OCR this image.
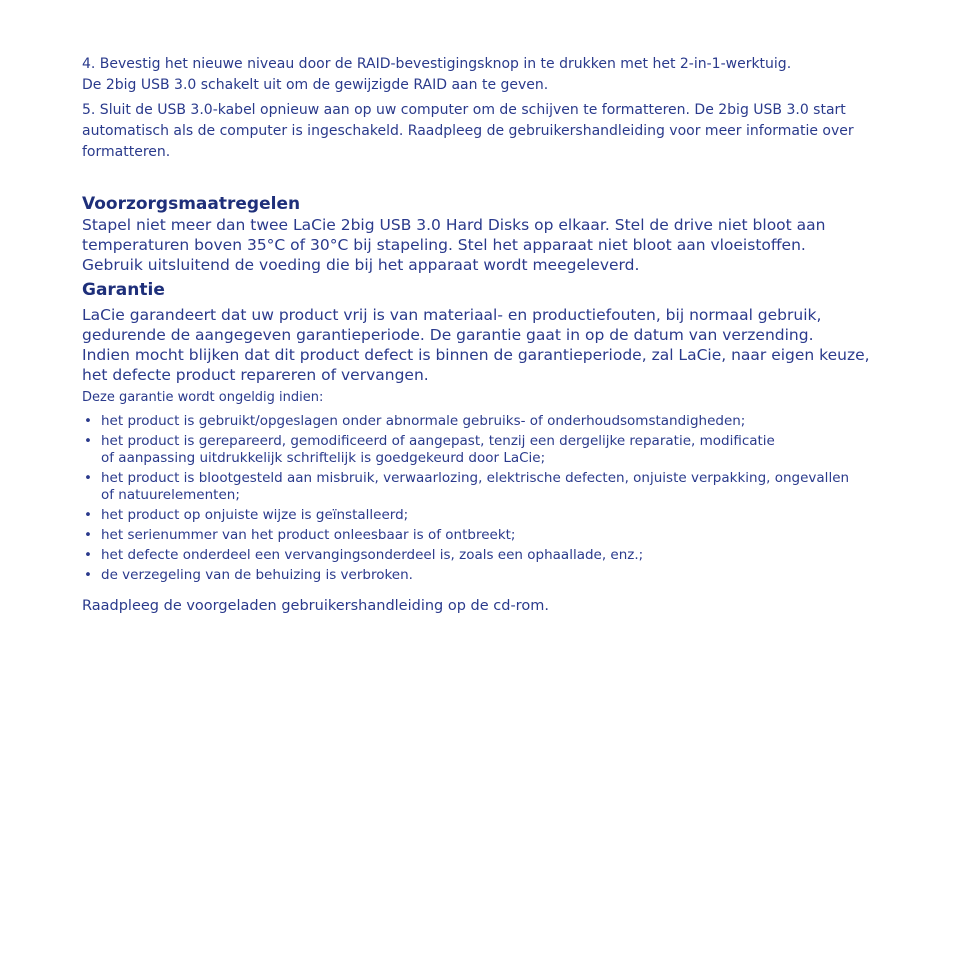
4. Bevestig het nieuwe niveau door de RAID-bevestigingsknop in te drukken met het 2-in-1-werktuig.
De 2big USB 3.0 schakelt uit om de gewijzigde RAID aan te geven.

5. Sluit de USB 3.0-kabel opnieuw aan op uw computer om de schijven te formatteren. De 2big USB 3.0 start
automatisch als de computer is ingeschakeld. Raadpleeg de gebruikershandleiding voor meer informatie over
formatteren.

Voorzorgsmaatregelen

Stapel niet meer dan twee LaCie 2big USB 3.0 Hard Disks op elkaar. Stel de drive niet bloot aan
temperaturen boven 35°C of 30°C bij stapeling. Stel het apparaat niet bloot aan vloeistoffen.
Gebruik uitsluitend de voeding die bij het apparaat wordt meegeleverd.

Garantie

LaCie garandeert dat uw product vrij is van materiaal- en productiefouten, bij normaal gebruik,
gedurende de aangegeven garantieperiode. De garantie gaat in op de datum van verzending.
Indien mocht blijken dat dit product defect is binnen de garantieperiode, zal LaCie, naar eigen keuze,
het defecte product repareren of vervangen.

Deze garantie wordt ongeldig indien:

• het product is gebruikt/opgeslagen onder abnormale gebruiks- of onderhoudsomstandigheden;
• het product is gerepareerd, gemodificeerd of aangepast, tenzij een dergelijke reparatie, modificatie
of aanpassing uitdrukkelijk schriftelijk is goedgekeurd door LaCie;
• het product is blootgesteld aan misbruik, verwaarlozing, elektrische defecten, onjuiste verpakking, ongevallen
of natuurelementen;
• het product op onjuiste wijze is geïnstalleerd;
• het serienummer van het product onleesbaar is of ontbreekt;
• het defecte onderdeel een vervangingsonderdeel is, zoals een ophaallade, enz.;
• de verzegeling van de behuizing is verbroken.

Raadpleeg de voorgeladen gebruikershandleiding op de cd-rom.
